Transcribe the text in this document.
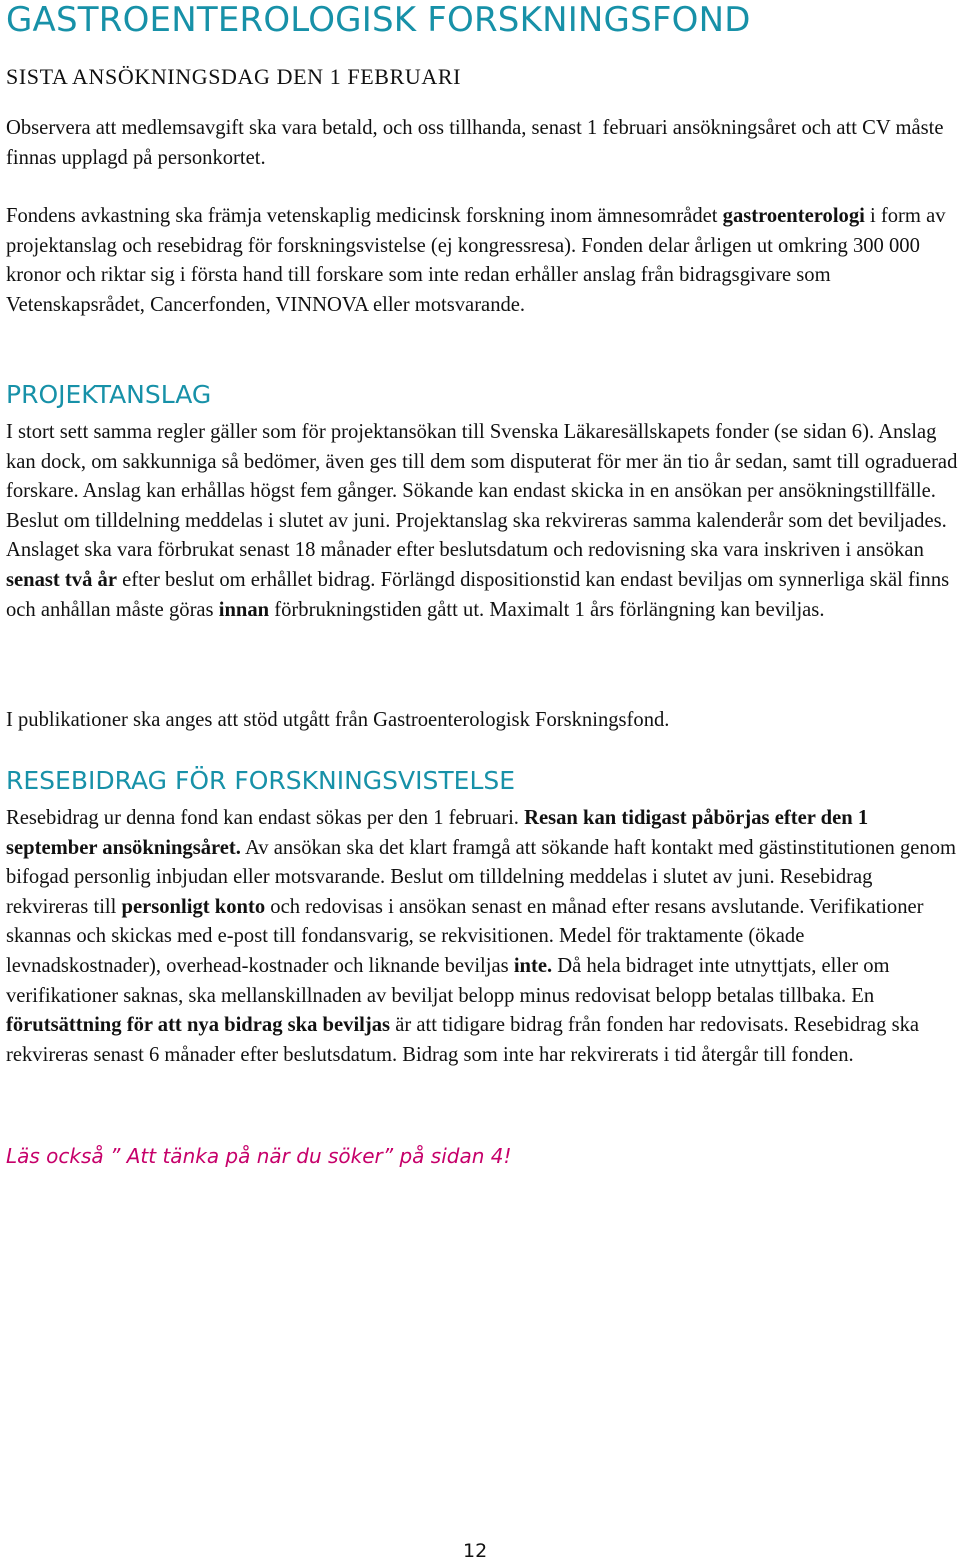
GASTROENTEROLOGISK FORSKNINGSFOND
SISTA ANSÖKNINGSDAG DEN 1 FEBRUARI
Observera att medlemsavgift ska vara betald, och oss tillhanda, senast 1 februari ansökningsåret och att CV måste finnas upplagd på personkortet.
Fondens avkastning ska främja vetenskaplig medicinsk forskning inom ämnesområdet gastroenterologi i form av projektanslag och resebidrag för forskningsvistelse (ej kongressresa). Fonden delar årligen ut omkring 300 000 kronor och riktar sig i första hand till forskare som inte redan erhåller anslag från bidragsgivare som Vetenskapsrådet, Cancerfonden, VINNOVA eller motsvarande.
PROJEKTANSLAG
I stort sett samma regler gäller som för projektansökan till Svenska Läkaresällskapets fonder (se sidan 6). Anslag kan dock, om sakkunniga så bedömer, även ges till dem som disputerat för mer än tio år sedan, samt till ograduerad forskare. Anslag kan erhållas högst fem gånger. Sökande kan endast skicka in en ansökan per ansökningstillfälle. Beslut om tilldelning meddelas i slutet av juni. Projektanslag ska rekvireras samma kalenderår som det beviljades. Anslaget ska vara förbrukat senast 18 månader efter beslutsdatum och redovisning ska vara inskriven i ansökan senast två år efter beslut om erhållet bidrag. Förlängd dispositionstid kan endast beviljas om synnerliga skäl finns och anhållan måste göras innan förbrukningstiden gått ut. Maximalt 1 års förlängning kan beviljas.
I publikationer ska anges att stöd utgått från Gastroenterologisk Forskningsfond.
RESEBIDRAG FÖR FORSKNINGSVISTELSE
Resebidrag ur denna fond kan endast sökas per den 1 februari. Resan kan tidigast påbörjas efter den 1 september ansökningsåret. Av ansökan ska det klart framgå att sökande haft kontakt med gästinstitutionen genom bifogad personlig inbjudan eller motsvarande. Beslut om tilldelning meddelas i slutet av juni. Resebidrag rekvireras till personligt konto och redovisas i ansökan senast en månad efter resans avslutande. Verifikationer skannas och skickas med e-post till fondansvarig, se rekvisitionen. Medel för traktamente (ökade levnadskostnader), overhead-kostnader och liknande beviljas inte. Då hela bidraget inte utnyttjats, eller om verifikationer saknas, ska mellanskillnaden av beviljat belopp minus redovisat belopp betalas tillbaka. En förutsättning för att nya bidrag ska beviljas är att tidigare bidrag från fonden har redovisats. Resebidrag ska rekvireras senast 6 månader efter beslutsdatum. Bidrag som inte har rekvirerats i tid återgår till fonden.
Läs också ” Att tänka på när du söker” på sidan 4!
12
